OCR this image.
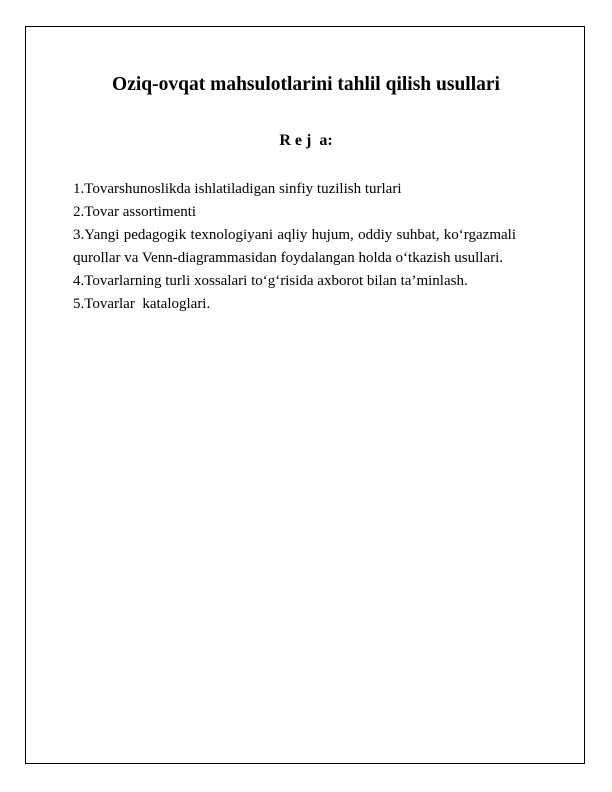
Oziq-ovqat mahsulotlarini tahlil qilish usullari
R e j  a:
1.Tovarshunoslikda ishlatiladigan sinfiy tuzilish turlari
2.Tovar assortimenti
3.Yangi pedagogik texnologiyani aqliy hujum, oddiy suhbat, ko‘rgazmali qurollar va Venn-diagrammasidan foydalangan holda o‘tkazish usullari.
4.Tovarlarning turli xossalari to‘g‘risida axborot bilan ta’minlash.
5.Tovarlar  kataloglari.
